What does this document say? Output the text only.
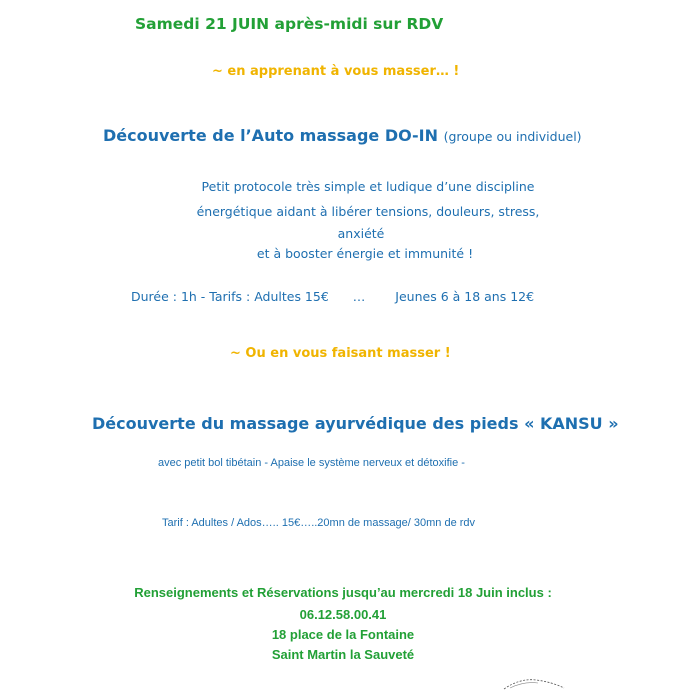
Samedi 21 JUIN après-midi sur RDV
~ en apprenant à vous masser… !
Découverte de l’Auto massage DO-IN (groupe ou individuel)
Petit protocole très simple et ludique d’une discipline
énergétique aidant à libérer tensions, douleurs, stress,
anxiété
et à booster énergie et immunité !
Durée : 1h - Tarifs : Adultes 15€ … Jeunes 6 à 18 ans 12€
~ Ou en vous faisant masser !
Découverte du massage ayurvédique des pieds « KANSU »
avec petit bol tibétain - Apaise le système nerveux et détoxifie -
Tarif : Adultes / Ados….. 15€…..20mn de massage/ 30mn de rdv
Renseignements et Réservations jusqu’au mercredi 18 Juin inclus :
06.12.58.00.41
18 place de la Fontaine
Saint Martin la Sauveté
